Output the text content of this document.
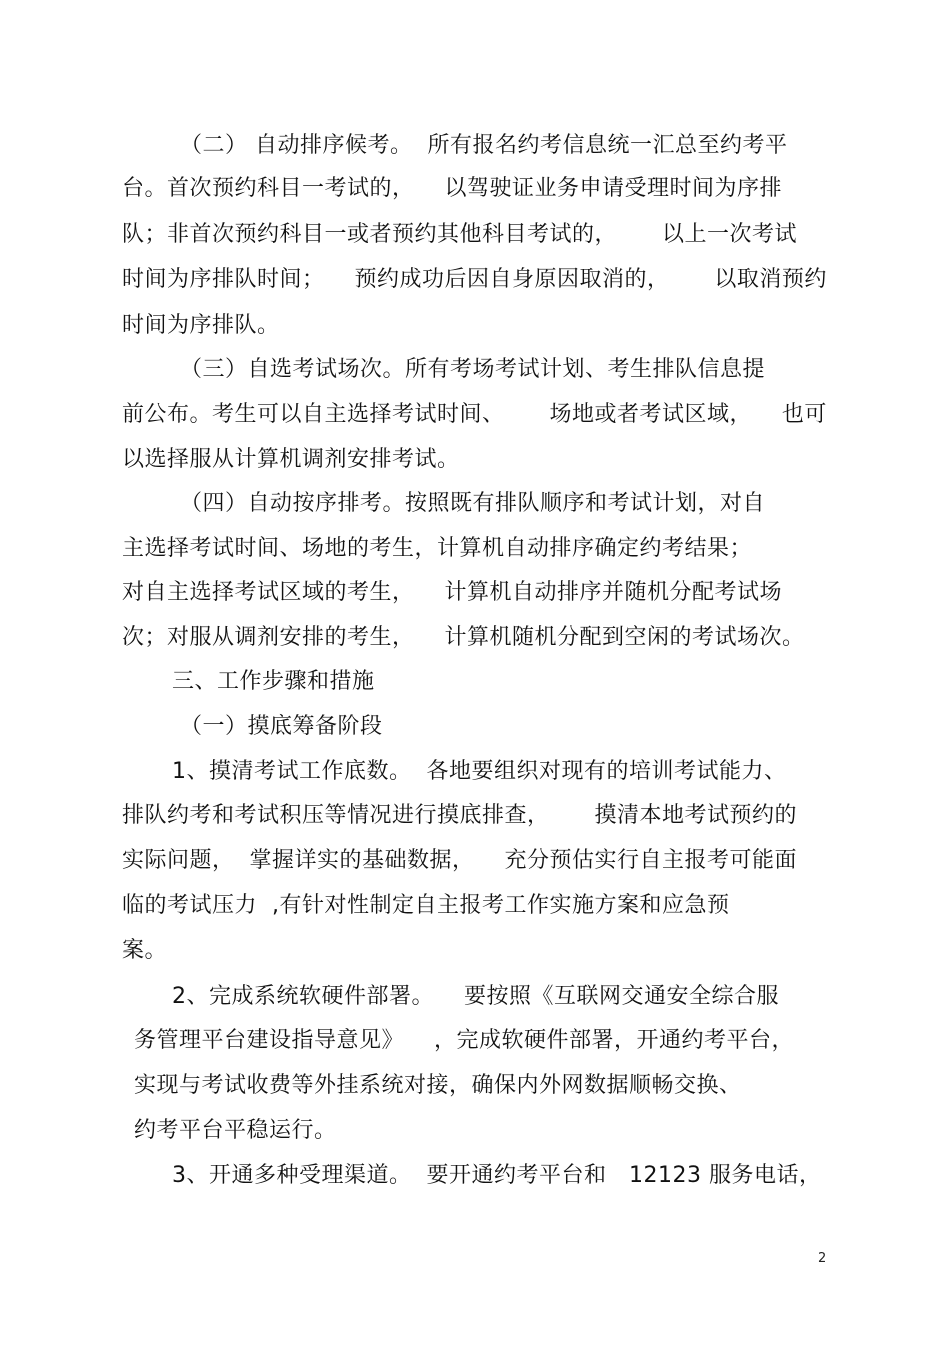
（二） 自动排序候考。  所有报名约考信息统一汇总至约考平
台。首次预约科目一考试的，    以驾驶证业务申请受理时间为序排
队；非首次预约科目一或者预约其他科目考试的，      以上一次考试
时间为序排队时间；    预约成功后因自身原因取消的，      以取消预约
时间为序排队。
（三）自选考试场次。所有考场考试计划、考生排队信息提
前公布。考生可以自主选择考试时间、      场地或者考试区域，    也可
以选择服从计算机调剂安排考试。
（四）自动按序排考。按照既有排队顺序和考试计划，对自
主选择考试时间、场地的考生，计算机自动排序确定约考结果；
对自主选择考试区域的考生，    计算机自动排序并随机分配考试场
次；对服从调剂安排的考生，    计算机随机分配到空闲的考试场次。
三、工作步骤和措施
（一）摸底筹备阶段
1、摸清考试工作底数。  各地要组织对现有的培训考试能力、
排队约考和考试积压等情况进行摸底排查，      摸清本地考试预约的
实际问题，  掌握详实的基础数据，    充分预估实行自主报考可能面
临的考试压力  ,有针对性制定自主报考工作实施方案和应急预
案。
2、完成系统软硬件部署。    要按照《互联网交通安全综合服
务管理平台建设指导意见》    ，完成软硬件部署，开通约考平台，
实现与考试收费等外挂系统对接，确保内外网数据顺畅交换、
约考平台平稳运行。
3、开通多种受理渠道。  要开通约考平台和   12123 服务电话，
2
